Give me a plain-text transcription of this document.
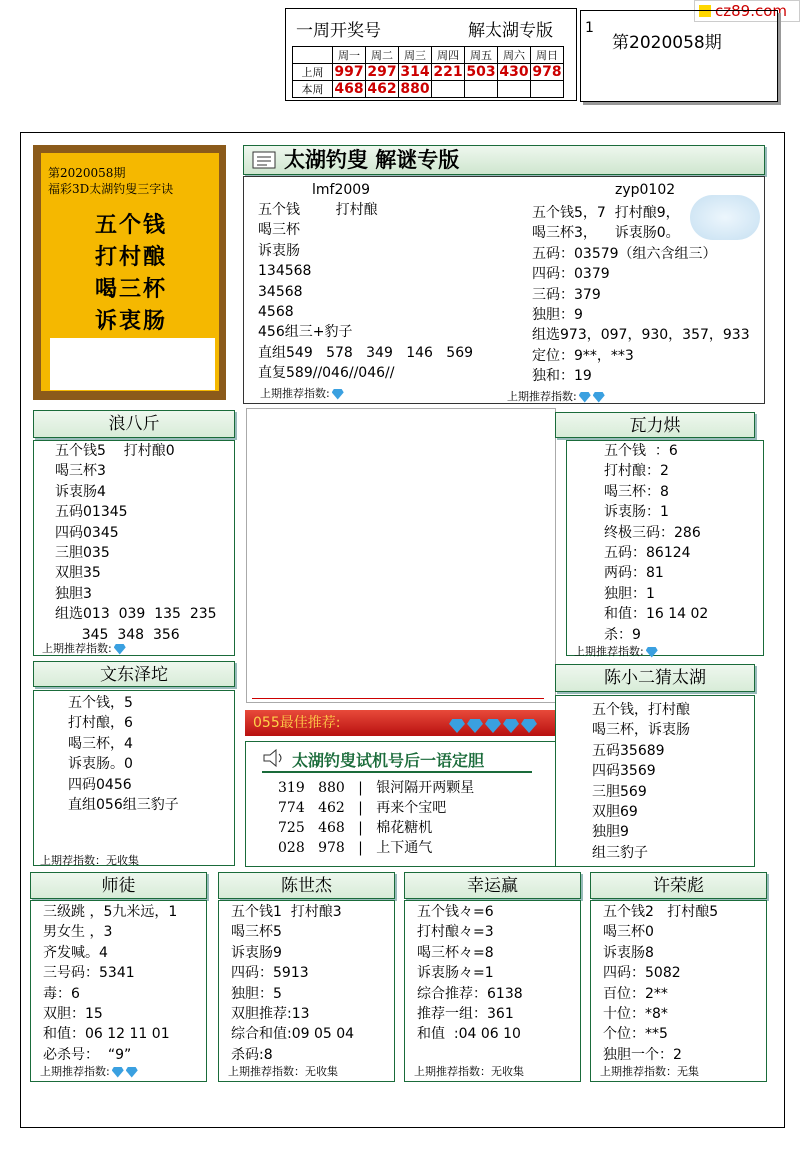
cz89.com
一周开奖号	解太湖专版 1
第2020058期
	周一	周二	周三	周四	周五	周六	周日
上周	997	297	314	221	503	430	978
本周	468	462	880				
第2020058期
福彩3D太湖钓叟三字诀
五个钱
打村酿
喝三杯
诉衷肠
太湖钓叟 解谜专版
lmf2009
五个钱        打村酿
喝三杯
诉衷肠
134568
34568
4568
456组三+豹子
直组549   578   349   146   569
直复589//046//046//
上期推荐指数:
zyp0102
五个钱5，7  打村酿9，
喝三杯3，    诉衷肠0。
五码：03579（组六含组三）
四码：0379
三码：379
独胆：9
组选973，097，930，357，933
定位：9**，**3
独和：19
上期推荐指数:
浪八斤
五个钱5    打村酿0
喝三杯3
诉衷肠4
五码01345
四码0345
三胆035
双胆35
独胆3
组选013  039  135  235
345  348  356
上期推荐指数:
瓦力烘
五个钱  ：6
打村酿：2
喝三杯：8
诉衷肠：1
终极三码：286
五码：86124
两码：81
独胆：1
和值：16 14 02
杀：9
上期推荐指数:
文东泽坨
五个钱，5
打村酿，6
喝三杯，4
诉衷肠。0
四码0456
直组056组三豹子
上期荐指数：无收集
055最佳推荐:
太湖钓叟试机号后一语定胆
319   880   |   银河隔开两颗星
774   462   |   再来个宝吧
725   468   |   棉花糖机
028   978   |   上下通气
陈小二猜太湖
五个钱，打村酿
喝三杯，诉衷肠
五码35689
四码3569
三胆569
双胆69
独胆9
组三豹子
师徒
三级跳 ，5九米远，1
男女生 ，3
齐发喊。4
三号码：5341
毒：6
双胆：15
和值：06 12 11 01
必杀号：  “9”
上期推荐指数:
陈世杰
五个钱1  打村酿3
喝三杯5
诉衷肠9
四码：5913
独胆：5
双胆推荐:13
综合和值:09 05 04
杀码:8
上期推荐指数：无收集
幸运赢
五个钱々=6
打村酿々=3
喝三杯々=8
诉衷肠々=1
综合推荐：6138
推荐一组：361
和值  :04 06 10
上期推荐指数：无收集
许荣彪
五个钱2   打村酿5
喝三杯0
诉衷肠8
四码：5082
百位：2**
十位：*8*
个位：**5
独胆一个：2
上期推荐指数：无集
